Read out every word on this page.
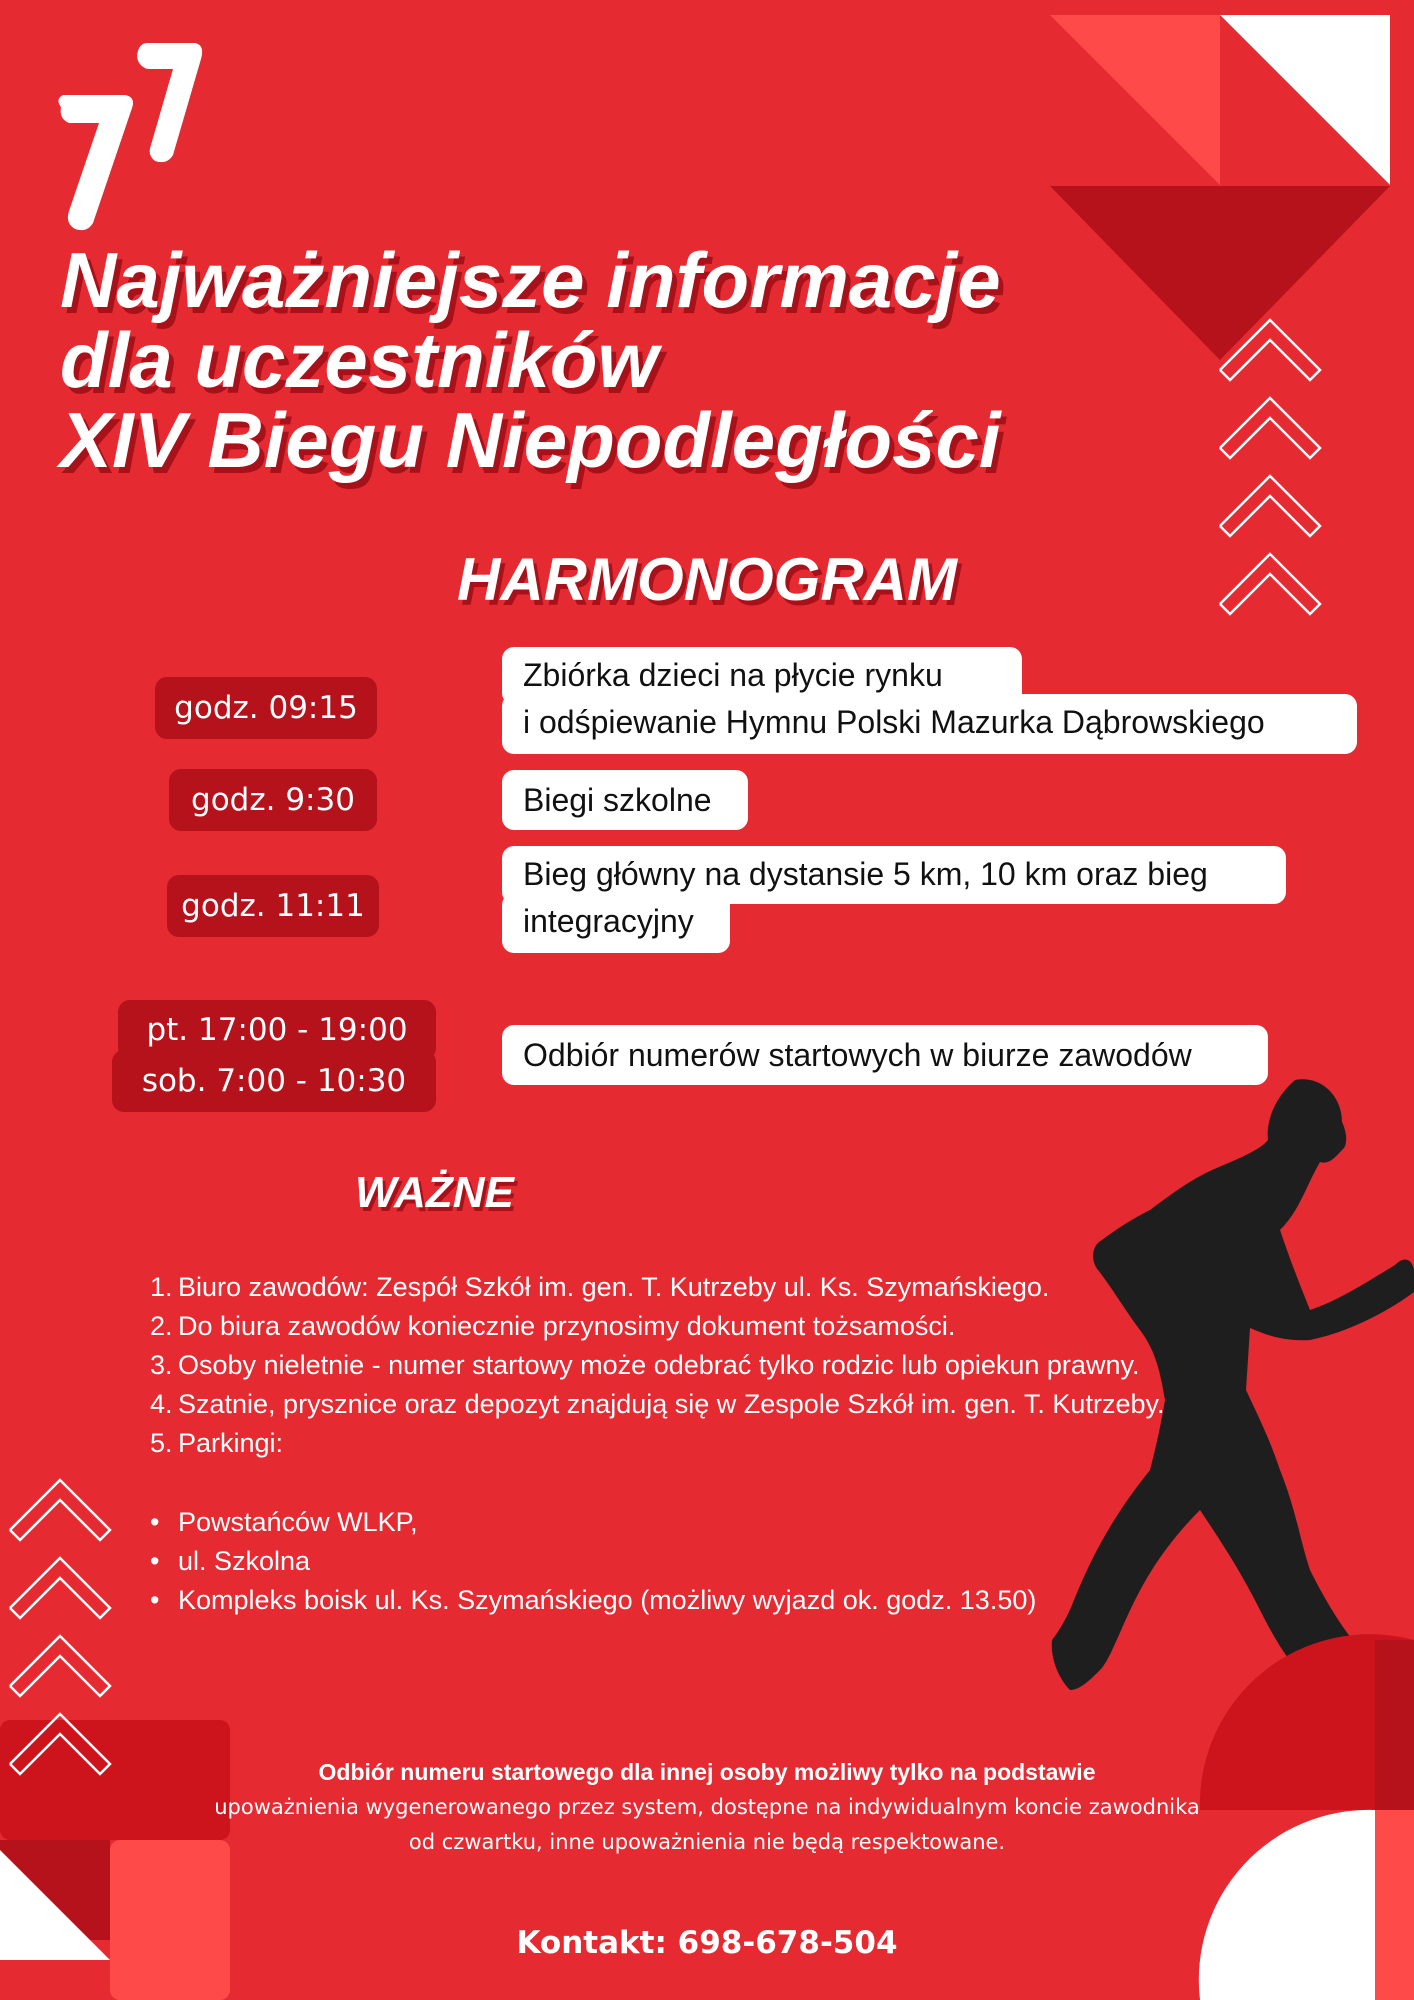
Najważniejsze informacje
dla uczestników
XIV Biegu Niepodległości
HARMONOGRAM
godz. 09:15
Zbiórka dzieci na płycie rynku
i odśpiewanie Hymnu Polski Mazurka Dąbrowskiego
godz. 9:30	Biegi szkolne
godz. 11:11
Bieg główny na dystansie 5 km, 10 km oraz bieg
integracyjny
pt. 17:00 - 19:00
sob. 7:00 - 10:30
Odbiór numerów startowych w biurze zawodów
WAŻNE
1. Biuro zawodów: Zespół Szkół im. gen. T. Kutrzeby ul. Ks. Szymańskiego.
2. Do biura zawodów koniecznie przynosimy dokument tożsamości.
3. Osoby nieletnie - numer startowy może odebrać tylko rodzic lub opiekun prawny.
4. Szatnie, prysznice oraz depozyt znajdują się w Zespole Szkół im. gen. T. Kutrzeby.
5. Parkingi:
• Powstańców WLKP,
• ul. Szkolna
• Kompleks boisk ul. Ks. Szymańskiego (możliwy wyjazd ok. godz. 13.50)
Odbiór numeru startowego dla innej osoby możliwy tylko na podstawie
upoważnienia wygenerowanego przez system, dostępne na indywidualnym koncie zawodnika
od czwartku, inne upoważnienia nie będą respektowane.
Kontakt: 698-678-504
